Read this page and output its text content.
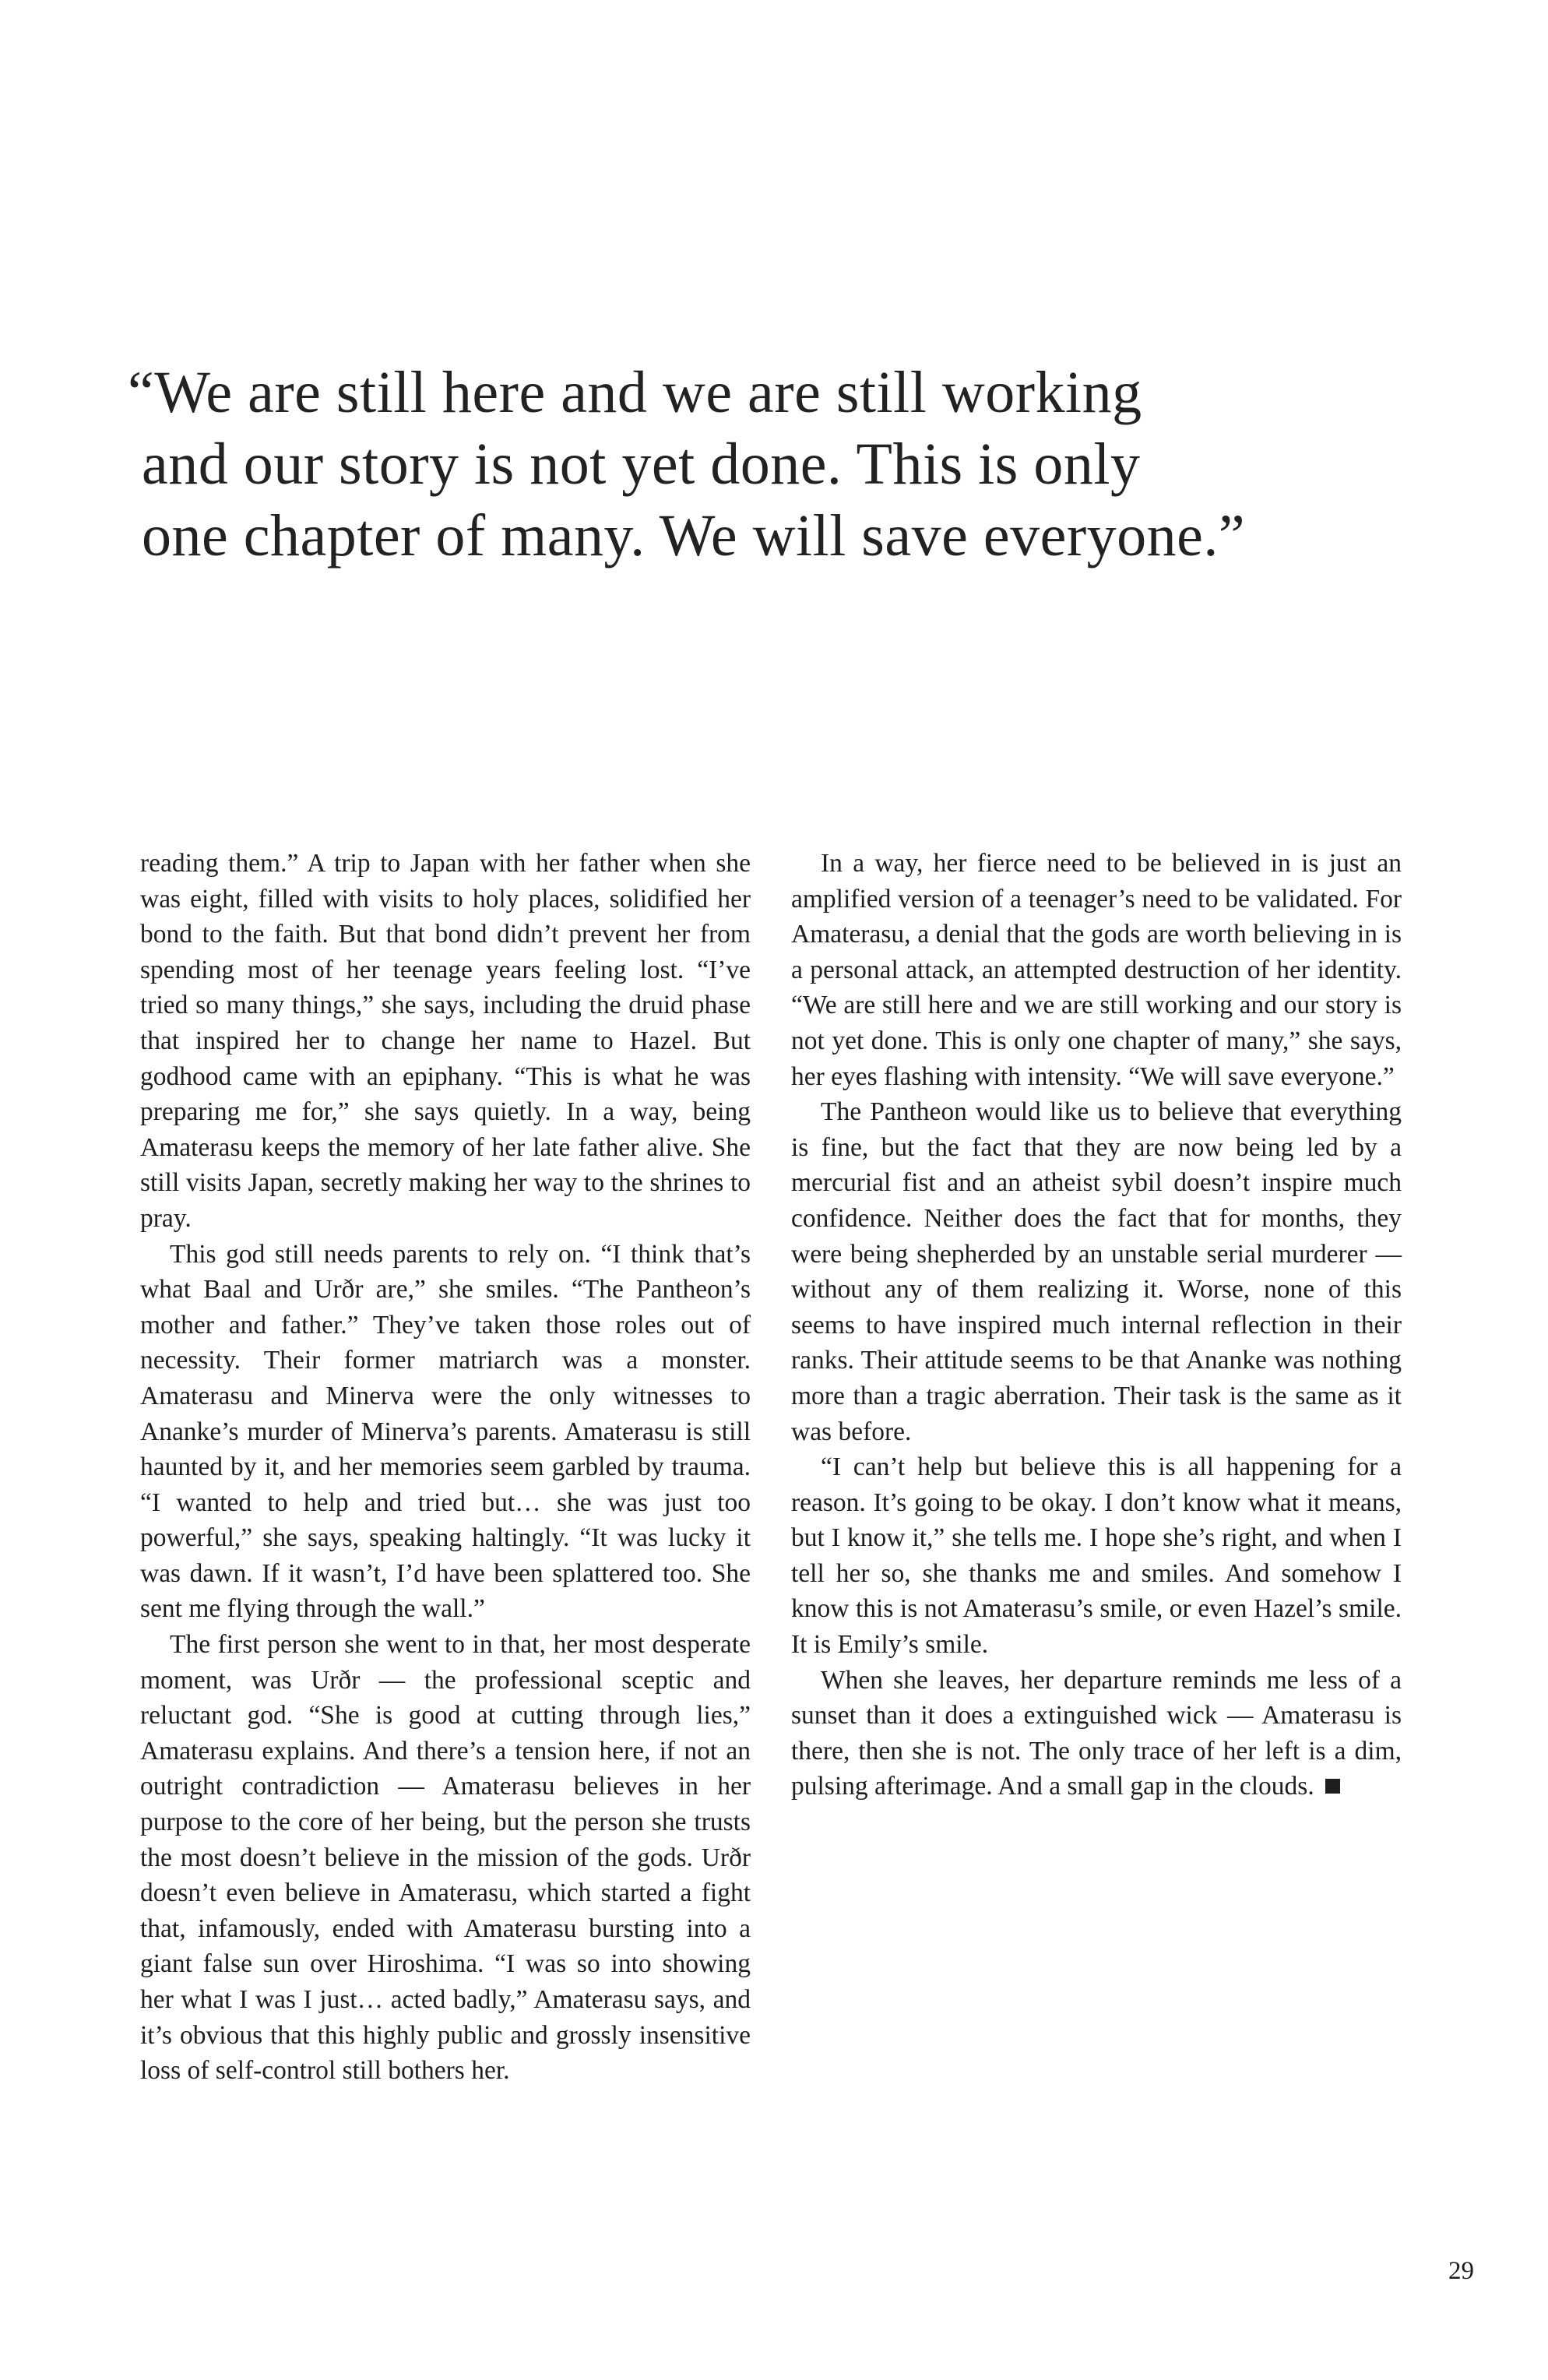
“We are still here and we are still working
and our story is not yet done. This is only
one chapter of many. We will save everyone.”

reading them.” A trip to Japan with her father when she was eight, filled with visits to holy places, solidified her bond to the faith. But that bond didn’t prevent her from spending most of her teenage years feeling lost. “I’ve tried so many things,” she says, including the druid phase that inspired her to change her name to Hazel. But godhood came with an epiphany. “This is what he was preparing me for,” she says quietly. In a way, being Amaterasu keeps the memory of her late father alive. She still visits Japan, secretly making her way to the shrines to pray.

This god still needs parents to rely on. “I think that’s what Baal and Urðr are,” she smiles. “The Pantheon’s mother and father.” They’ve taken those roles out of necessity. Their former matriarch was a monster. Amaterasu and Minerva were the only witnesses to Ananke’s murder of Minerva’s parents. Amaterasu is still haunted by it, and her memories seem garbled by trauma. “I wanted to help and tried but… she was just too powerful,” she says, speaking haltingly. “It was lucky it was dawn. If it wasn’t, I’d have been splattered too. She sent me flying through the wall.”

The first person she went to in that, her most desperate moment, was Urðr — the professional sceptic and reluctant god. “She is good at cutting through lies,” Amaterasu explains. And there’s a tension here, if not an outright contradiction — Amaterasu believes in her purpose to the core of her being, but the person she trusts the most doesn’t believe in the mission of the gods. Urðr doesn’t even believe in Amaterasu, which started a fight that, infamously, ended with Amaterasu bursting into a giant false sun over Hiroshima. “I was so into showing her what I was I just… acted badly,” Amaterasu says, and it’s obvious that this highly public and grossly insensitive loss of self-control still bothers her.

In a way, her fierce need to be believed in is just an amplified version of a teenager’s need to be validated. For Amaterasu, a denial that the gods are worth believing in is a personal attack, an attempted destruction of her identity. “We are still here and we are still working and our story is not yet done. This is only one chapter of many,” she says, her eyes flashing with intensity. “We will save everyone.”

The Pantheon would like us to believe that everything is fine, but the fact that they are now being led by a mercurial fist and an atheist sybil doesn’t inspire much confidence. Neither does the fact that for months, they were being shepherded by an unstable serial murderer — without any of them realizing it. Worse, none of this seems to have inspired much internal reflection in their ranks. Their attitude seems to be that Ananke was nothing more than a tragic aberration. Their task is the same as it was before.

“I can’t help but believe this is all happening for a reason. It’s going to be okay. I don’t know what it means, but I know it,” she tells me. I hope she’s right, and when I tell her so, she thanks me and smiles. And somehow I know this is not Amaterasu’s smile, or even Hazel’s smile. It is Emily’s smile.

When she leaves, her departure reminds me less of a sunset than it does a extinguished wick — Amaterasu is there, then she is not. The only trace of her left is a dim, pulsing afterimage. And a small gap in the clouds.

29
